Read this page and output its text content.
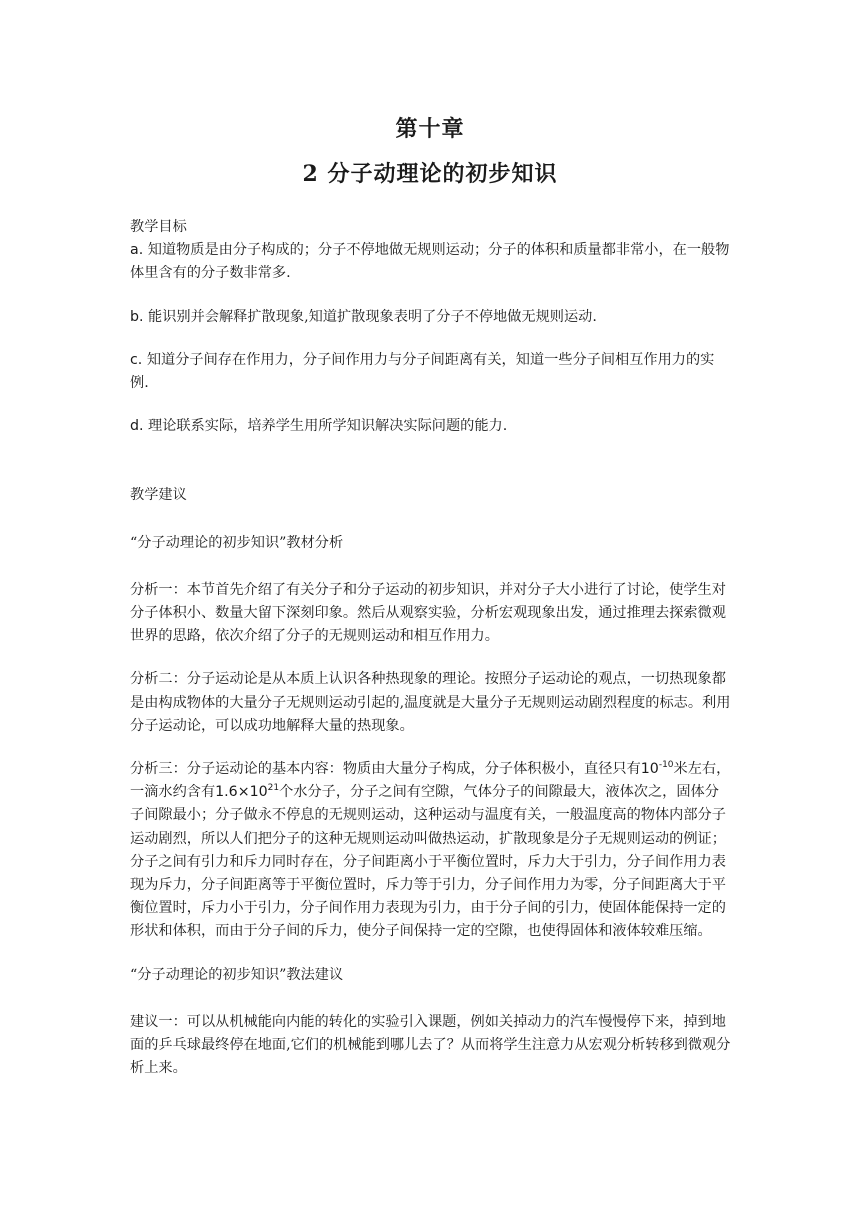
第十章
2 分子动理论的初步知识

教学目标

a. 知道物质是由分子构成的；分子不停地做无规则运动；分子的体积和质量都非常小，在一般物体里含有的分子数非常多.

b. 能识别并会解释扩散现象,知道扩散现象表明了分子不停地做无规则运动.

c. 知道分子间存在作用力，分子间作用力与分子间距离有关，知道一些分子间相互作用力的实例.

d. 理论联系实际，培养学生用所学知识解决实际问题的能力.

教学建议

“分子动理论的初步知识”教材分析

分析一：本节首先介绍了有关分子和分子运动的初步知识，并对分子大小进行了讨论，使学生对分子体积小、数量大留下深刻印象。然后从观察实验，分析宏观现象出发，通过推理去探索微观世界的思路，依次介绍了分子的无规则运动和相互作用力。

分析二：分子运动论是从本质上认识各种热现象的理论。按照分子运动论的观点，一切热现象都是由构成物体的大量分子无规则运动引起的,温度就是大量分子无规则运动剧烈程度的标志。利用分子运动论，可以成功地解释大量的热现象。

分析三：分子运动论的基本内容：物质由大量分子构成，分子体积极小，直径只有$10^{-10}$米左右，一滴水约含有$1.6\times 10^{21}$个水分子，分子之间有空隙，气体分子的间隙最大，液体次之，固体分子间隙最小；分子做永不停息的无规则运动，这种运动与温度有关，一般温度高的物体内部分子运动剧烈，所以人们把分子的这种无规则运动叫做热运动，扩散现象是分子无规则运动的例证；分子之间有引力和斥力同时存在，分子间距离小于平衡位置时，斥力大于引力，分子间作用力表现为斥力，分子间距离等于平衡位置时，斥力等于引力，分子间作用力为零，分子间距离大于平衡位置时，斥力小于引力，分子间作用力表现为引力，由于分子间的引力，使固体能保持一定的形状和体积，而由于分子间的斥力，使分子间保持一定的空隙，也使得固体和液体较难压缩。

“分子动理论的初步知识”教法建议

建议一：可以从机械能向内能的转化的实验引入课题，例如关掉动力的汽车慢慢停下来，掉到地面的乒乓球最终停在地面,它们的机械能到哪儿去了？从而将学生注意力从宏观分析转移到微观分析上来。
